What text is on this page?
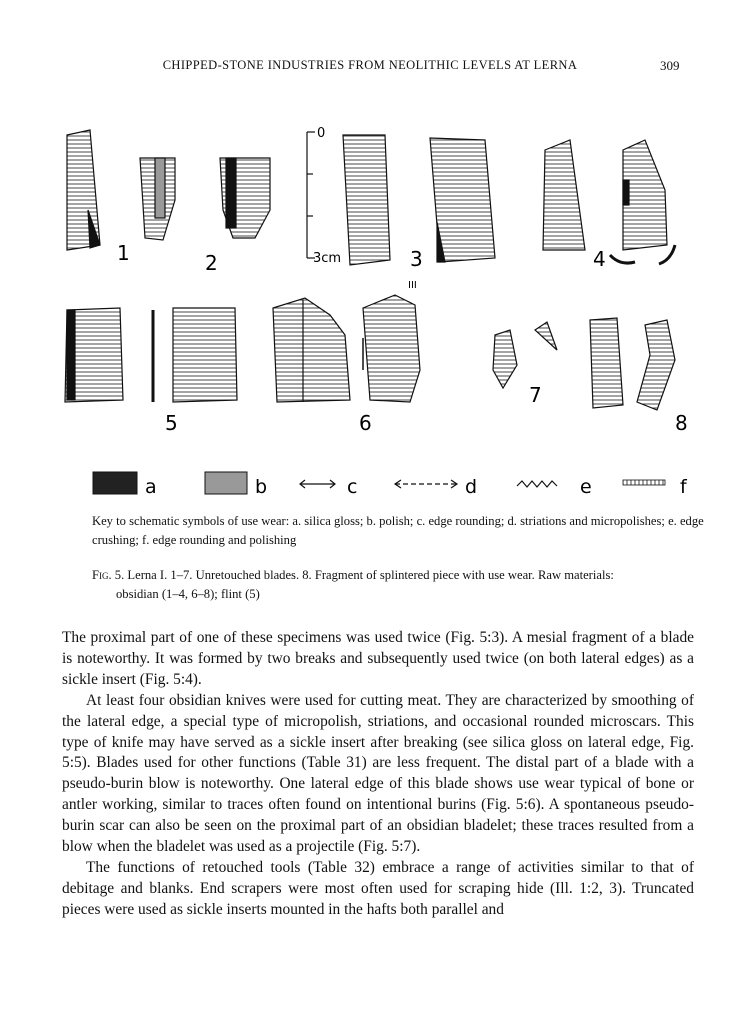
CHIPPED-STONE INDUSTRIES FROM NEOLITHIC LEVELS AT LERNA	309
0
3cm
III
1	2	3	4
5	6
7
8
a	b	c	d	e	f
Key to schematic symbols of use wear: a. silica gloss; b. polish; c. edge rounding; d. striations and micropolishes; e. edge crushing; f. edge rounding and polishing
Fig. 5. Lerna I. 1–7. Unretouched blades. 8. Fragment of splintered piece with use wear. Raw materials:
obsidian (1–4, 6–8); flint (5)

The proximal part of one of these specimens was used twice (Fig. 5:3). A mesial fragment of a blade is noteworthy. It was formed by two breaks and subsequently used twice (on both lateral edges) as a sickle insert (Fig. 5:4).

At least four obsidian knives were used for cutting meat. They are characterized by smoothing of the lateral edge, a special type of micropolish, striations, and occasional rounded microscars. This type of knife may have served as a sickle insert after breaking (see silica gloss on lateral edge, Fig. 5:5). Blades used for other functions (Table 31) are less frequent. The distal part of a blade with a pseudo-burin blow is noteworthy. One lateral edge of this blade shows use wear typical of bone or antler working, similar to traces often found on intentional burins (Fig. 5:6). A spontaneous pseudo-burin scar can also be seen on the proximal part of an obsidian bladelet; these traces resulted from a blow when the bladelet was used as a projectile (Fig. 5:7).

The functions of retouched tools (Table 32) embrace a range of activities similar to that of debitage and blanks. End scrapers were most often used for scraping hide (Ill. 1:2, 3). Truncated pieces were used as sickle inserts mounted in the hafts both parallel and
